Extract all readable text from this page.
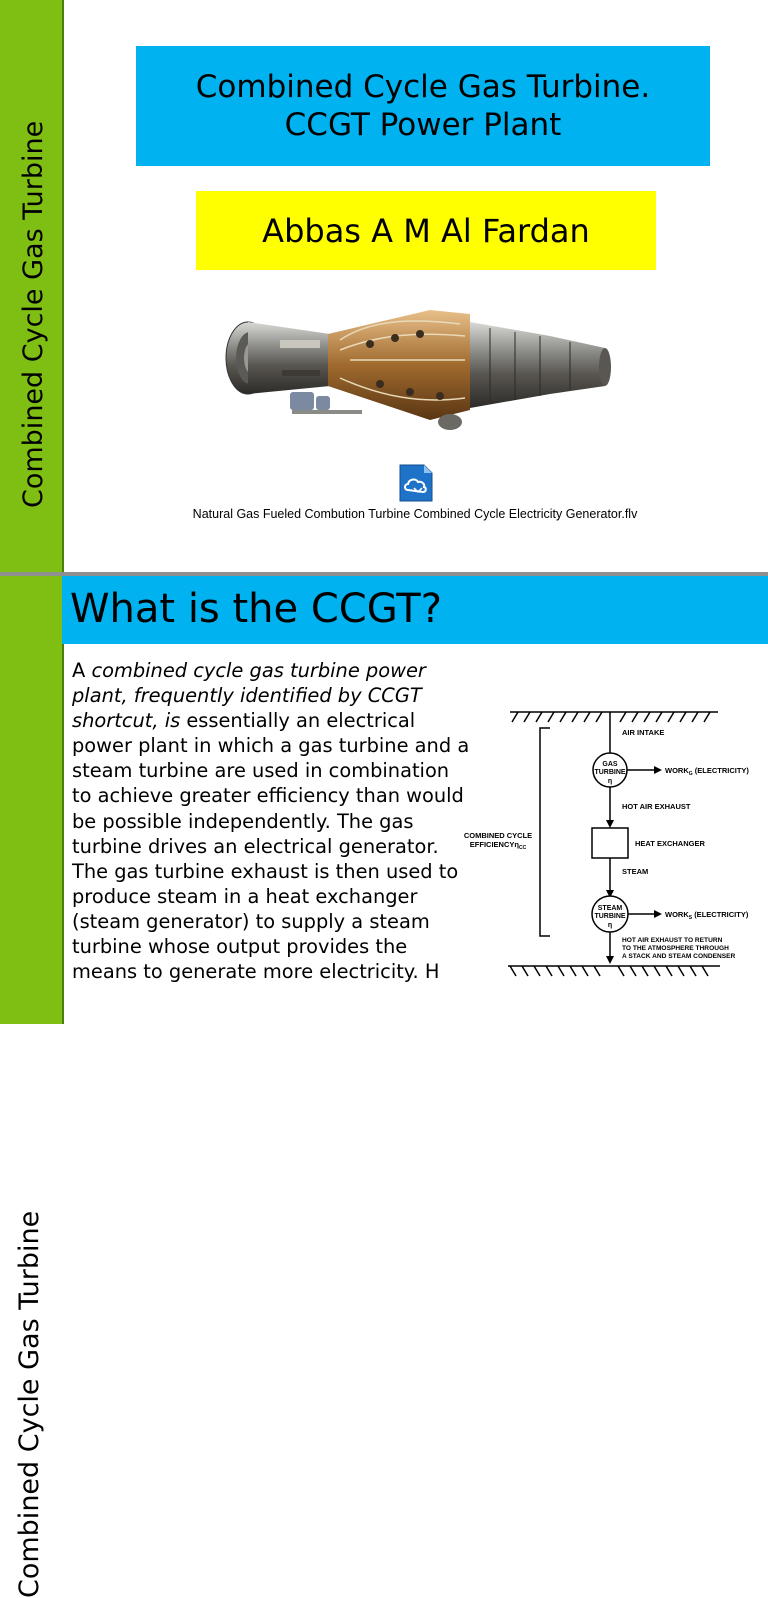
Combined Cycle Gas Turbine
Combined Cycle Gas Turbine.
CCGT Power Plant
Abbas A M Al Fardan
Natural Gas Fueled Combution Turbine Combined Cycle Electricity Generator.flv
Combined Cycle Gas Turbine
What is the CCGT?
A combined cycle gas turbine power plant, frequently identified by CCGT shortcut, is essentially an electrical power plant in which a gas turbine and a steam turbine are used in combination to achieve greater efficiency than would be possible independently. The gas turbine drives an electrical generator. The gas turbine exhaust is then used to produce steam in a heat exchanger (steam generator) to supply a steam turbine whose output provides the means to generate more electricity. H
AIR INTAKE
GAS
TURBINE
η
$WORK_G$ (ELECTRICITY)
HOT AIR EXHAUST
HEAT EXCHANGER
STEAM
STEAM
TURBINE
η
$WORK_S$ (ELECTRICITY)
HOT AIR EXHAUST TO RETURN
TO THE ATMOSPHERE THROUGH
A STACK AND STEAM CONDENSER
COMBINED CYCLE
EFFICIENCYη$_{CC}$
